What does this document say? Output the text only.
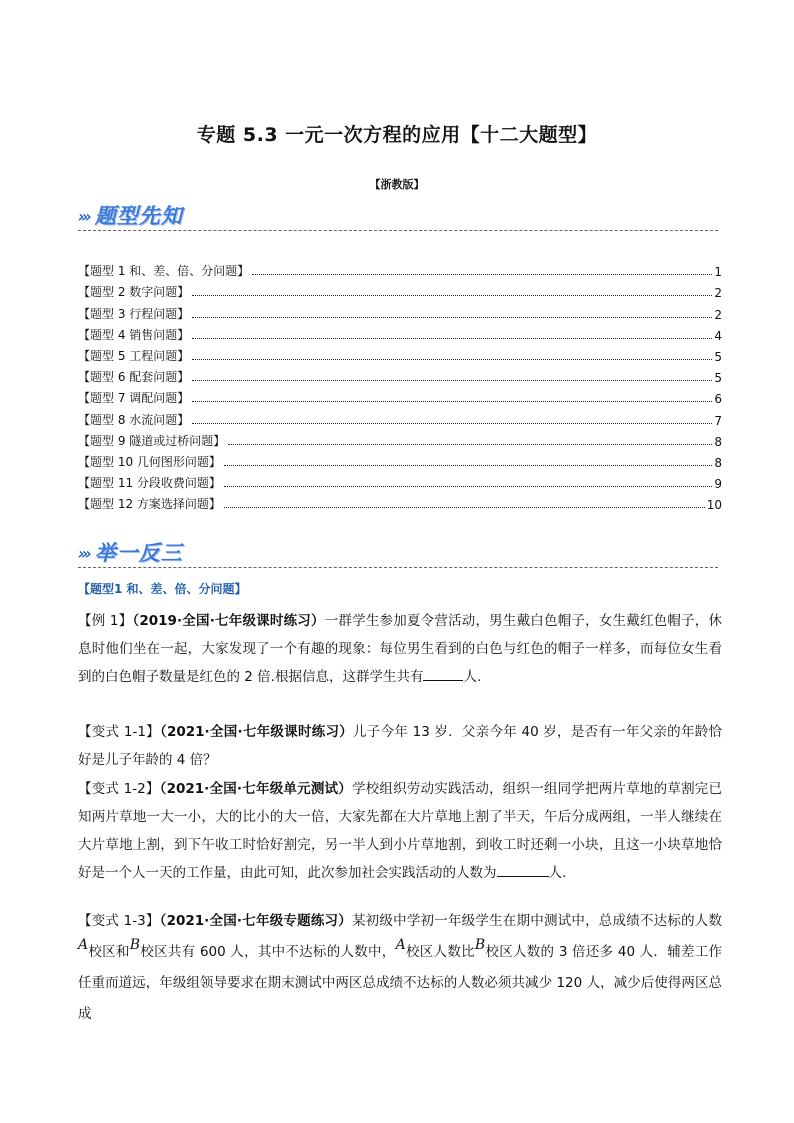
专题 5.3 一元一次方程的应用【十二大题型】
【浙教版】
››› 题型先知
【题型 1 和、差、倍、分问题】	1
【题型 2 数字问题】	2
【题型 3 行程问题】	2
【题型 4 销售问题】	4
【题型 5 工程问题】	5
【题型 6 配套问题】	5
【题型 7 调配问题】	6
【题型 8 水流问题】	7
【题型 9 隧道或过桥问题】	8
【题型 10 几何图形问题】	8
【题型 11 分段收费问题】	9
【题型 12 方案选择问题】	10
››› 举一反三
【题型1 和、差、倍、分问题】
【例 1】（2019·全国·七年级课时练习）一群学生参加夏令营活动，男生戴白色帽子，女生戴红色帽子，休息时他们坐在一起，大家发现了一个有趣的现象：每位男生看到的白色与红色的帽子一样多，而每位女生看到的白色帽子数量是红色的 2 倍.根据信息，这群学生共有	人.
【变式 1-1】（2021·全国·七年级课时练习）儿子今年 13 岁．父亲今年 40 岁，是否有一年父亲的年龄恰好是儿子年龄的 4 倍？
【变式 1-2】（2021·全国·七年级单元测试）学校组织劳动实践活动，组织一组同学把两片草地的草割完已知两片草地一大一小，大的比小的大一倍，大家先都在大片草地上割了半天，午后分成两组，一半人继续在大片草地上割，到下午收工时恰好割完，另一半人到小片草地割，到收工时还剩一小块，且这一小块草地恰好是一个人一天的工作量，由此可知，此次参加社会实践活动的人数为	人．
【变式 1-3】（2021·全国·七年级专题练习）某初级中学初一年级学生在期中测试中，总成绩不达标的人数A校区和B校区共有 600 人，其中不达标的人数中，A校区人数比B校区人数的 3 倍还多 40 人．辅差工作任重而道远，年级组领导要求在期末测试中两区总成绩不达标的人数必须共减少 120 人，减少后使得两区总成
